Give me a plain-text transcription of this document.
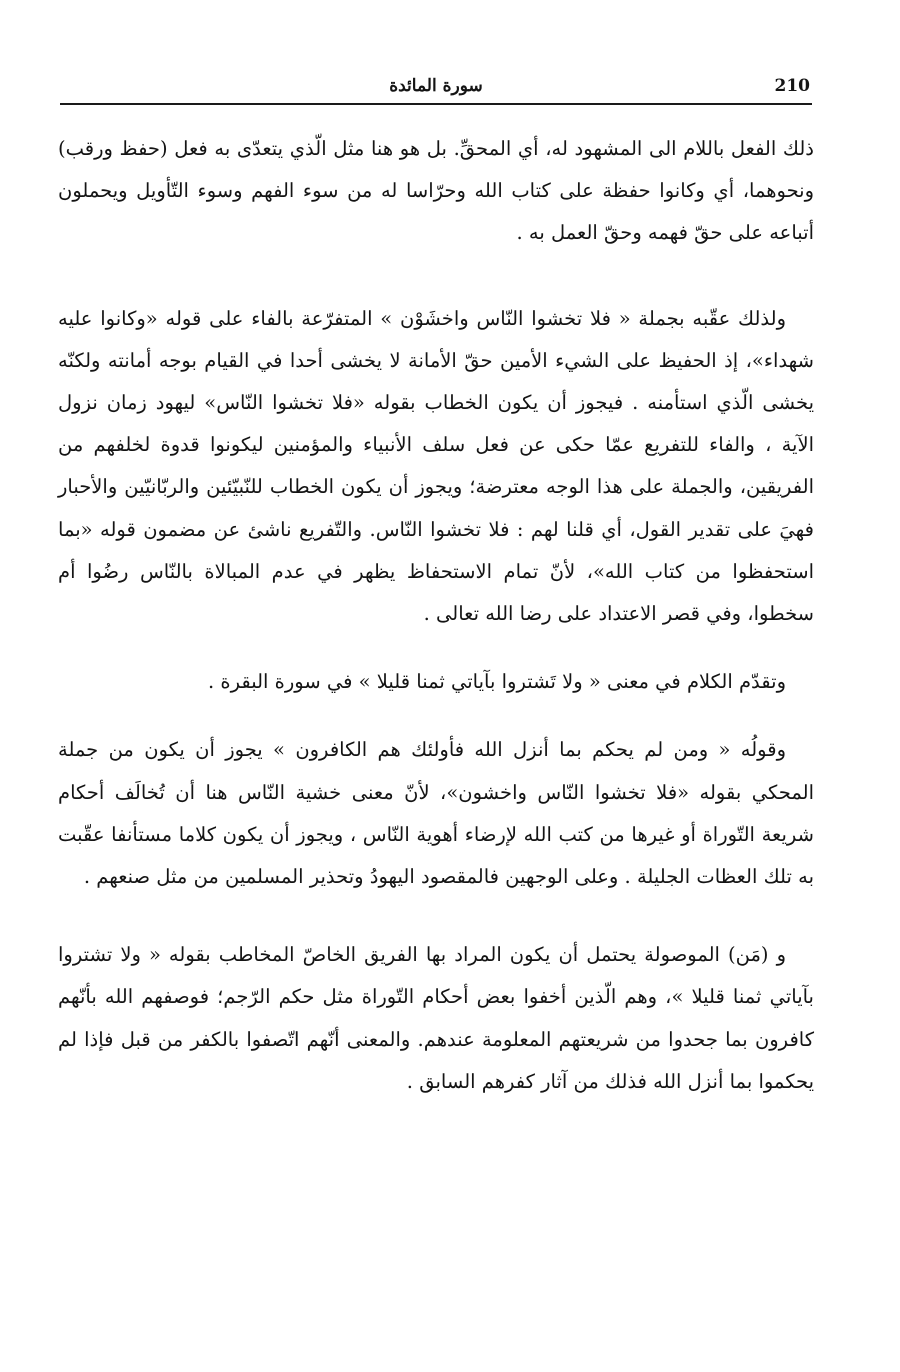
210
سورة المائدة

ذلك الفعل باللام الى المشهود له، أي المحقِّ. بل هو هنا مثل الّذي يتعدّى به فعل (حفظ ورقب) ونحوهما، أي وكانوا حفظة على كتاب الله وحرّاسا له من سوء الفهم وسوء التّأويل ويحملون أتباعه على حقّ فهمه وحقّ العمل به .

ولذلك عقّبه بجملة « فلا تخشوا النّاس واخشَوْن » المتفرّعة بالفاء على قوله «وكانوا عليه شهداء»، إذ الحفيظ على الشيء الأمين حقّ الأمانة لا يخشى أحدا في القيام بوجه أمانته ولكنّه يخشى الّذي استأمنه . فيجوز أن يكون الخطاب بقوله «فلا تخشوا النّاس» ليهود زمان نزول الآية ، والفاء للتفريع عمّا حكى عن فعل سلف الأنبياء والمؤمنين ليكونوا قدوة لخلفهم من الفريقين، والجملة على هذا الوجه معترضة؛ ويجوز أن يكون الخطاب للنّبيّئين والربّانيّين والأحبار فهيَ على تقدير القول، أي قلنا لهم : فلا تخشوا النّاس. والتّفريع ناشئ عن مضمون قوله «بما استحفظوا من كتاب الله»، لأنّ تمام الاستحفاظ يظهر في عدم المبالاة بالنّاس رضُوا أم سخطوا، وفي قصر الاعتداد على رضا الله تعالى .

وتقدّم الكلام في معنى « ولا تَشتروا بآياتي ثمنا قليلا » في سورة البقرة .

وقولُه « ومن لم يحكم بما أنزل الله فأولئك هم الكافرون » يجوز أن يكون من جملة المحكي بقوله «فلا تخشوا النّاس واخشون»، لأنّ معنى خشية النّاس هنا أن تُخالَف أحكام شريعة التّوراة أو غيرها من كتب الله لإرضاء أهوية النّاس ، ويجوز أن يكون كلاما مستأنفا عقّبت به تلك العظات الجليلة . وعلى الوجهين فالمقصود اليهودُ وتحذير المسلمين من مثل صنعهم .

و (مَن) الموصولة يحتمل أن يكون المراد بها الفريق الخاصّ المخاطب بقوله « ولا تشتروا بآياتي ثمنا قليلا »، وهم الّذين أخفوا بعض أحكام التّوراة مثل حكم الرّجم؛ فوصفهم الله بأنّهم كافرون بما جحدوا من شريعتهم المعلومة عندهم. والمعنى أنّهم اتّصفوا بالكفر من قبل فإذا لم يحكموا بما أنزل الله فذلك من آثار كفرهم السابق .
